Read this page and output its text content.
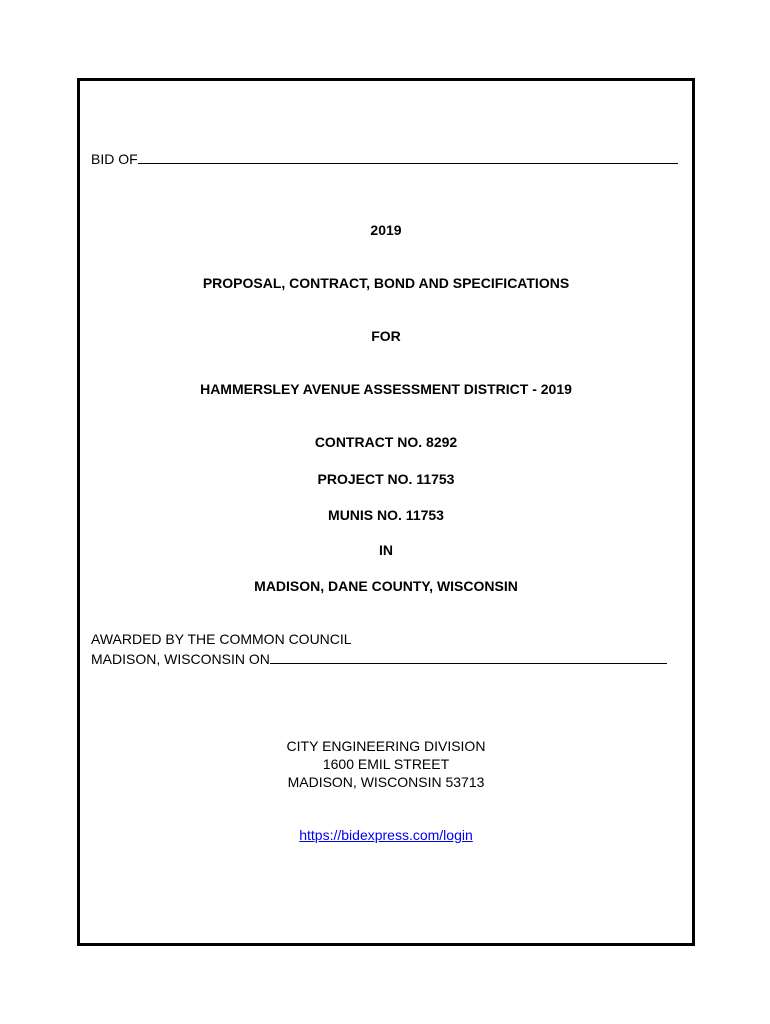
BID OF
2019
PROPOSAL, CONTRACT, BOND AND SPECIFICATIONS
FOR
HAMMERSLEY AVENUE ASSESSMENT DISTRICT - 2019
CONTRACT NO. 8292
PROJECT NO. 11753
MUNIS NO. 11753
IN
MADISON, DANE COUNTY, WISCONSIN
AWARDED BY THE COMMON COUNCIL
MADISON, WISCONSIN ON
CITY ENGINEERING DIVISION
1600 EMIL STREET
MADISON, WISCONSIN 53713
https://bidexpress.com/login
